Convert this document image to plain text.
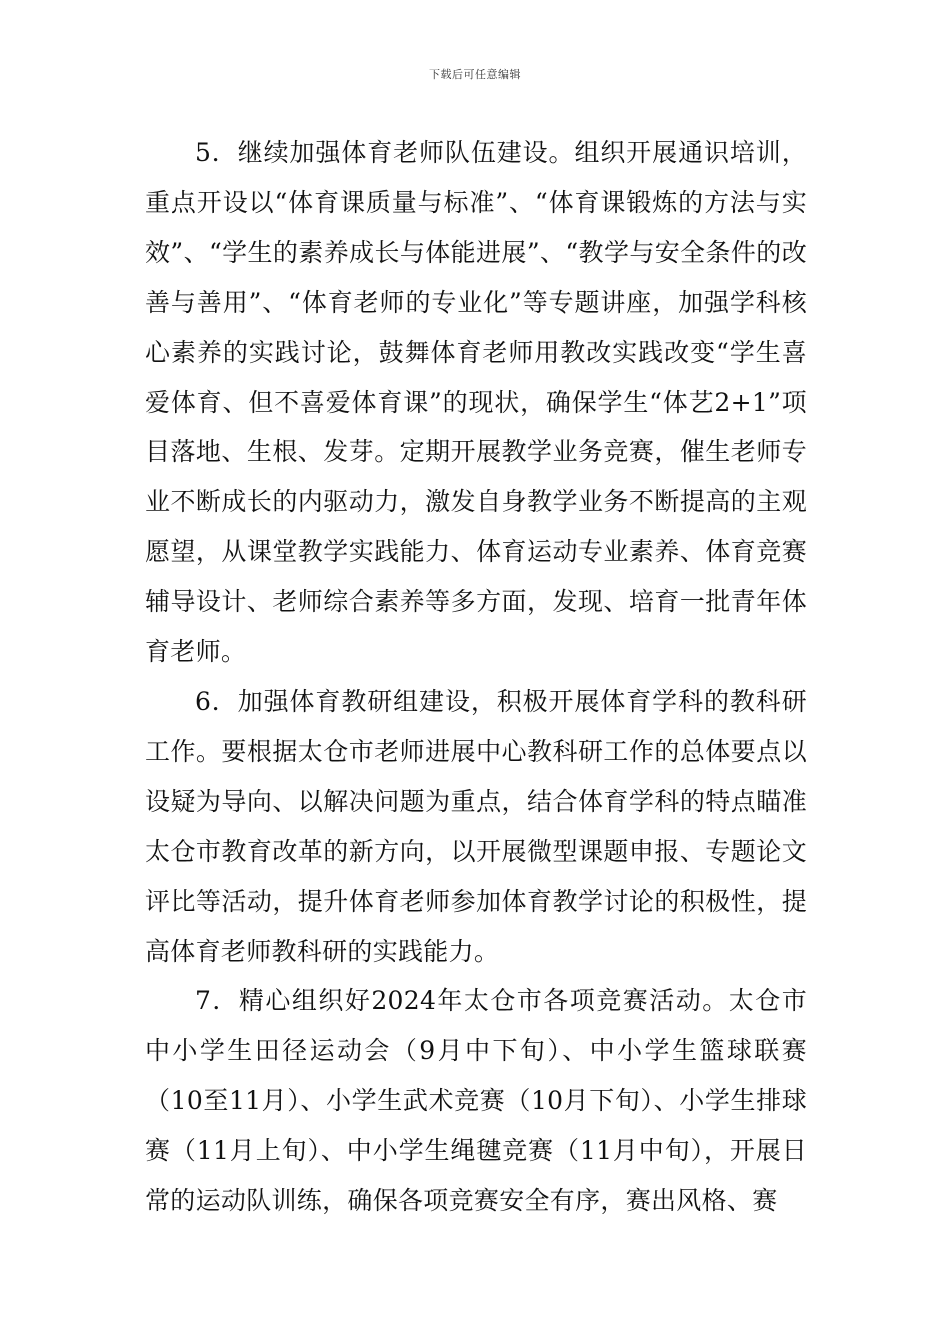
下载后可任意编辑

5．继续加强体育老师队伍建设。组织开展通识培训，重点开设以“体育课质量与标准”、“体育课锻炼的方法与实效”、“学生的素养成长与体能进展”、“教学与安全条件的改善与善用”、“体育老师的专业化”等专题讲座，加强学科核心素养的实践讨论，鼓舞体育老师用教改实践改变“学生喜爱体育、但不喜爱体育课”的现状，确保学生“体艺2+1”项目落地、生根、发芽。定期开展教学业务竞赛，催生老师专业不断成长的内驱动力，激发自身教学业务不断提高的主观愿望，从课堂教学实践能力、体育运动专业素养、体育竞赛辅导设计、老师综合素养等多方面，发现、培育一批青年体育老师。

6．加强体育教研组建设，积极开展体育学科的教科研工作。要根据太仓市老师进展中心教科研工作的总体要点以设疑为导向、以解决问题为重点，结合体育学科的特点瞄准太仓市教育改革的新方向，以开展微型课题申报、专题论文评比等活动，提升体育老师参加体育教学讨论的积极性，提高体育老师教科研的实践能力。

7．精心组织好2024年太仓市各项竞赛活动。太仓市中小学生田径运动会（9月中下旬）、中小学生篮球联赛（10至11月）、小学生武术竞赛（10月下旬）、小学生排球赛（11月上旬）、中小学生绳毽竞赛（11月中旬），开展日常的运动队训练，确保各项竞赛安全有序，赛出风格、赛
